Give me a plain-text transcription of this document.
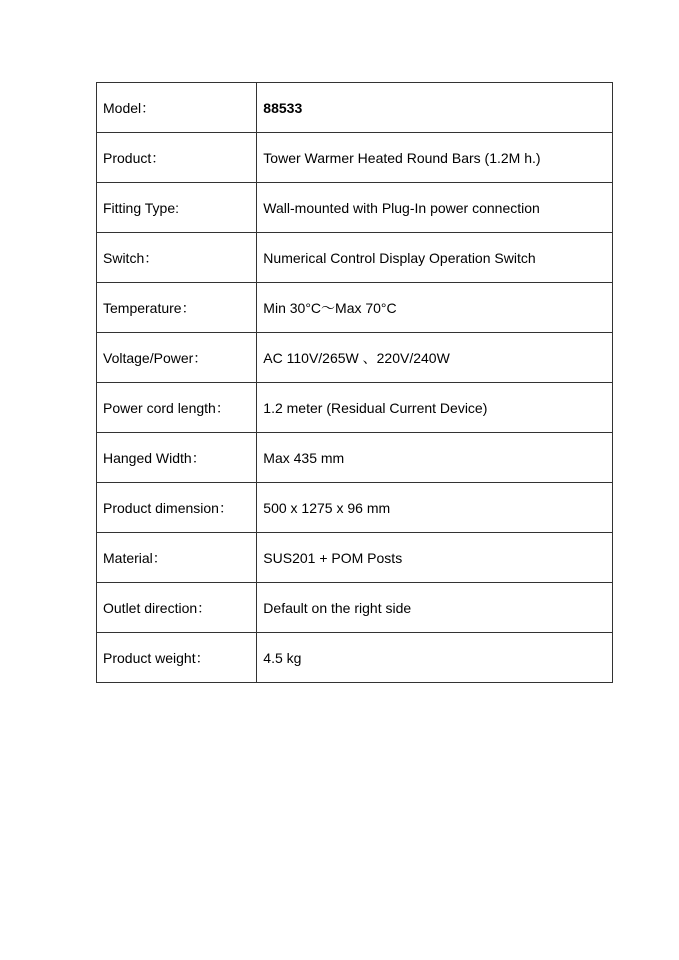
Model：	88533
Product：	Tower Warmer Heated Round Bars (1.2M h.)
Fitting Type:	Wall-mounted with Plug-In power connection
Switch：	Numerical Control Display Operation Switch
Temperature：	Min 30°C～Max 70°C
Voltage/Power：	AC 110V/265W 、220V/240W
Power cord length：	1.2 meter (Residual Current Device)
Hanged Width：	Max 435 mm
Product dimension：	500 x 1275 x 96 mm
Material：	SUS201 + POM Posts
Outlet direction：	Default on the right side
Product weight：	4.5 kg
